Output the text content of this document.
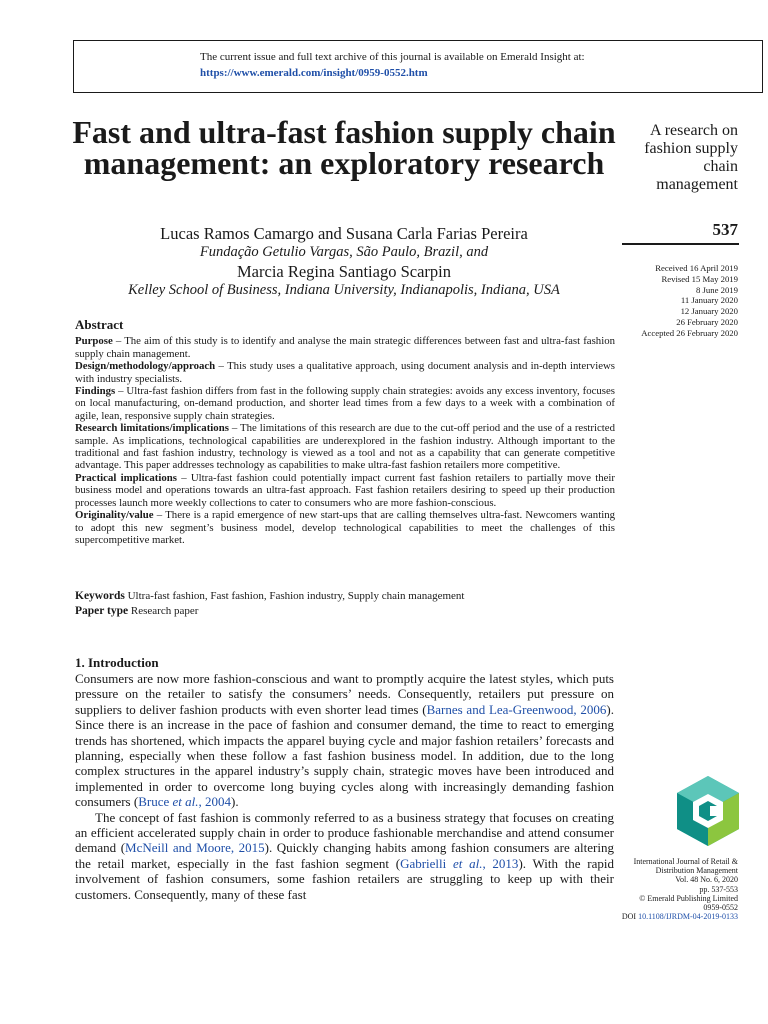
The current issue and full text archive of this journal is available on Emerald Insight at:
https://www.emerald.com/insight/0959-0552.htm
Fast and ultra-fast fashion supply chain management: an exploratory research
Lucas Ramos Camargo and Susana Carla Farias Pereira
Fundação Getulio Vargas, São Paulo, Brazil, and
Marcia Regina Santiago Scarpin
Kelley School of Business, Indiana University, Indianapolis, Indiana, USA
A research on fashion supply chain management
537
Received 16 April 2019
Revised 15 May 2019
8 June 2019
11 January 2020
12 January 2020
26 February 2020
Accepted 26 February 2020
Abstract

Purpose – The aim of this study is to identify and analyse the main strategic differences between fast and ultra-fast fashion supply chain management.

Design/methodology/approach – This study uses a qualitative approach, using document analysis and in-depth interviews with industry specialists.

Findings – Ultra-fast fashion differs from fast in the following supply chain strategies: avoids any excess inventory, focuses on local manufacturing, on-demand production, and shorter lead times from a few days to a week with a combination of agile, lean, responsive supply chain strategies.

Research limitations/implications – The limitations of this research are due to the cut-off period and the use of a restricted sample. As implications, technological capabilities are underexplored in the fashion industry. Although important to the traditional and fast fashion industry, technology is viewed as a tool and not as a capability that can generate competitive advantage. This paper addresses technology as capabilities to make ultra-fast fashion retailers more competitive.

Practical implications – Ultra-fast fashion could potentially impact current fast fashion retailers to partially move their business model and operations towards an ultra-fast approach. Fast fashion retailers desiring to speed up their production processes launch more weekly collections to cater to consumers who are more fashion-conscious.

Originality/value – There is a rapid emergence of new start-ups that are calling themselves ultra-fast. Newcomers wanting to adopt this new segment’s business model, develop technological capabilities to meet the challenges of this supercompetitive market.

Keywords Ultra-fast fashion, Fast fashion, Fashion industry, Supply chain management
Paper type Research paper
1. Introduction

Consumers are now more fashion-conscious and want to promptly acquire the latest styles, which puts pressure on the retailer to satisfy the consumers’ needs. Consequently, retailers put pressure on suppliers to deliver fashion products with even shorter lead times (Barnes and Lea-Greenwood, 2006). Since there is an increase in the pace of fashion and consumer demand, the time to react to emerging trends has shortened, which impacts the apparel buying cycle and major fashion retailers’ forecasts and planning, especially when these follow a fast fashion business model. In addition, due to the long complex structures in the apparel industry’s supply chain, strategic moves have been introduced and implemented in order to overcome long buying cycles along with increasingly demanding fashion consumers (Bruce et al., 2004).

The concept of fast fashion is commonly referred to as a business strategy that focuses on creating an efficient accelerated supply chain in order to produce fashionable merchandise and attend consumer demand (McNeill and Moore, 2015). Quickly changing habits among fashion consumers are altering the retail market, especially in the fast fashion segment (Gabrielli et al., 2013). With the rapid involvement of fashion consumers, some fashion retailers are struggling to keep up with their customers. Consequently, many of these fast

International Journal of Retail & Distribution Management
Vol. 48 No. 6, 2020
pp. 537-553
© Emerald Publishing Limited
0959-0552
DOI 10.1108/IJRDM-04-2019-0133
